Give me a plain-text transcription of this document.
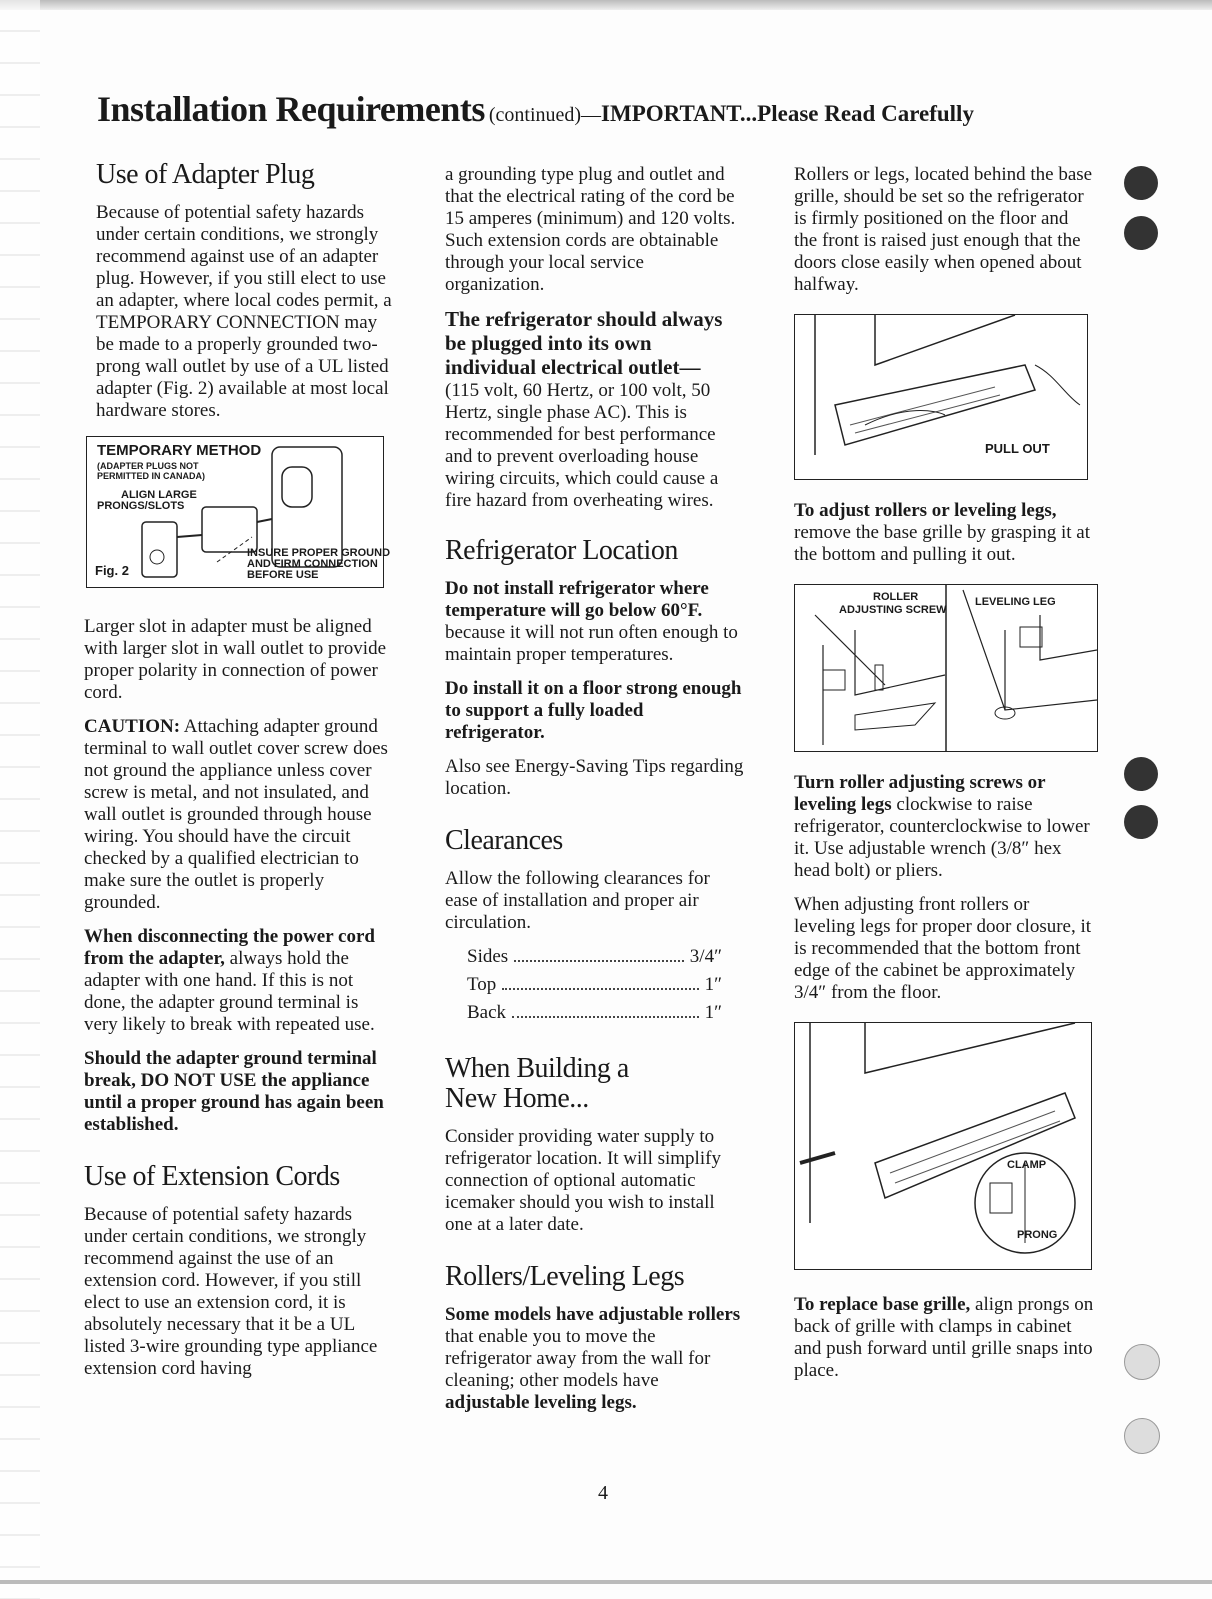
Installation Requirements (continued)—IMPORTANT...Please Read Carefully
Use of Adapter Plug

Because of potential safety hazards under certain conditions, we strongly recommend against use of an adapter plug. However, if you still elect to use an adapter, where local codes permit, a TEMPORARY CONNECTION may be made to a properly grounded two-prong wall outlet by use of a UL listed adapter (Fig. 2) available at most local hardware stores.

TEMPORARY METHOD
(ADAPTER PLUGS NOT
PERMITTED IN CANADA)
ALIGN LARGE
PRONGS/SLOTS
INSURE PROPER GROUND
AND FIRM CONNECTION
BEFORE USE
Fig. 2

Larger slot in adapter must be aligned with larger slot in wall outlet to provide proper polarity in connection of power cord.

CAUTION: Attaching adapter ground terminal to wall outlet cover screw does not ground the appliance unless cover screw is metal, and not insulated, and wall outlet is grounded through house wiring. You should have the circuit checked by a qualified electrician to make sure the outlet is properly grounded.

When disconnecting the power cord from the adapter, always hold the adapter with one hand. If this is not done, the adapter ground terminal is very likely to break with repeated use.

Should the adapter ground terminal break, DO NOT USE the appliance until a proper ground has again been established.

Use of Extension Cords

Because of potential safety hazards under certain conditions, we strongly recommend against the use of an extension cord. However, if you still elect to use an extension cord, it is absolutely necessary that it be a UL listed 3-wire grounding type appliance extension cord having

a grounding type plug and outlet and that the electrical rating of the cord be 15 amperes (minimum) and 120 volts. Such extension cords are obtainable through your local service organization.

The refrigerator should always be plugged into its own individual electrical outlet—
(115 volt, 60 Hertz, or 100 volt, 50 Hertz, single phase AC). This is recommended for best performance and to prevent overloading house wiring circuits, which could cause a fire hazard from overheating wires.

Refrigerator Location

Do not install refrigerator where temperature will go below 60°F. because it will not run often enough to maintain proper temperatures.

Do install it on a floor strong enough to support a fully loaded refrigerator.

Also see Energy-Saving Tips regarding location.

Clearances

Allow the following clearances for ease of installation and proper air circulation.

Sides	3/4″
Top	1″
Back	1″
When Building a New Home...

Consider providing water supply to refrigerator location. It will simplify connection of optional automatic icemaker should you wish to install one at a later date.

Rollers/Leveling Legs

Some models have adjustable rollers that enable you to move the refrigerator away from the wall for cleaning; other models have adjustable leveling legs.

Rollers or legs, located behind the base grille, should be set so the refrigerator is firmly positioned on the floor and the front is raised just enough that the doors close easily when opened about halfway.

PULL OUT

To adjust rollers or leveling legs, remove the base grille by grasping it at the bottom and pulling it out.

ROLLER
ADJUSTING SCREW
LEVELING LEG

Turn roller adjusting screws or leveling legs clockwise to raise refrigerator, counterclockwise to lower it. Use adjustable wrench (3/8″ hex head bolt) or pliers.

When adjusting front rollers or leveling legs for proper door closure, it is recommended that the bottom front edge of the cabinet be approximately 3/4″ from the floor.

CLAMP
PRONG

To replace base grille, align prongs on back of grille with clamps in cabinet and push forward until grille snaps into place.

4
